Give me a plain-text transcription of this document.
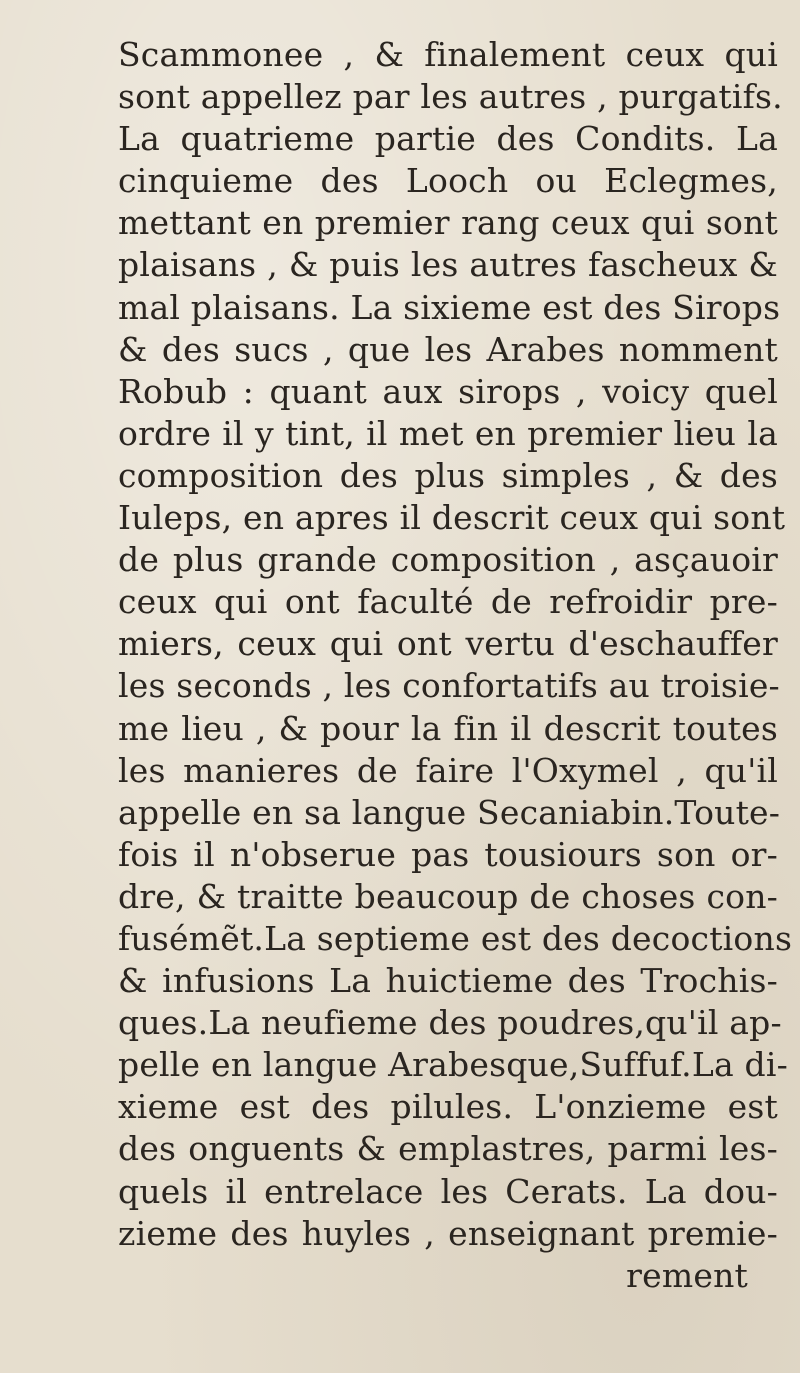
Scammonee , & finalement ceux qui
sont appellez par les autres , purgatifs.
La quatrieme partie des Condits. La
cinquieme des Looch ou Eclegmes,
mettant en premier rang ceux qui sont
plaisans , & puis les autres fascheux &
mal plaisans. La sixieme est des Sirops
& des sucs , que les Arabes nomment
Robub : quant aux sirops , voicy quel
ordre il y tint, il met en premier lieu la
composition des plus simples , & des
Iuleps, en apres il descrit ceux qui sont
de plus grande composition , asçauoir
ceux qui ont faculté de refroidir pre-
miers, ceux qui ont vertu d'eschauffer
les seconds , les confortatifs au troisie-
me lieu , & pour la fin il descrit toutes
les manieres de faire l'Oxymel , qu'il
appelle en sa langue Secaniabin.Toute-
fois il n'obserue pas tousiours son or-
dre, & traitte beaucoup de choses con-
fusémẽt.La septieme est des decoctions
& infusions La huictieme des Trochis-
ques.La neufieme des poudres,qu'il ap-
pelle en langue Arabesque,Suffuf.La di-
xieme est des pilules. L'onzieme est
des onguents & emplastres, parmi les-
quels il entrelace les Cerats. La dou-
zieme des huyles , enseignant premie-
rement
